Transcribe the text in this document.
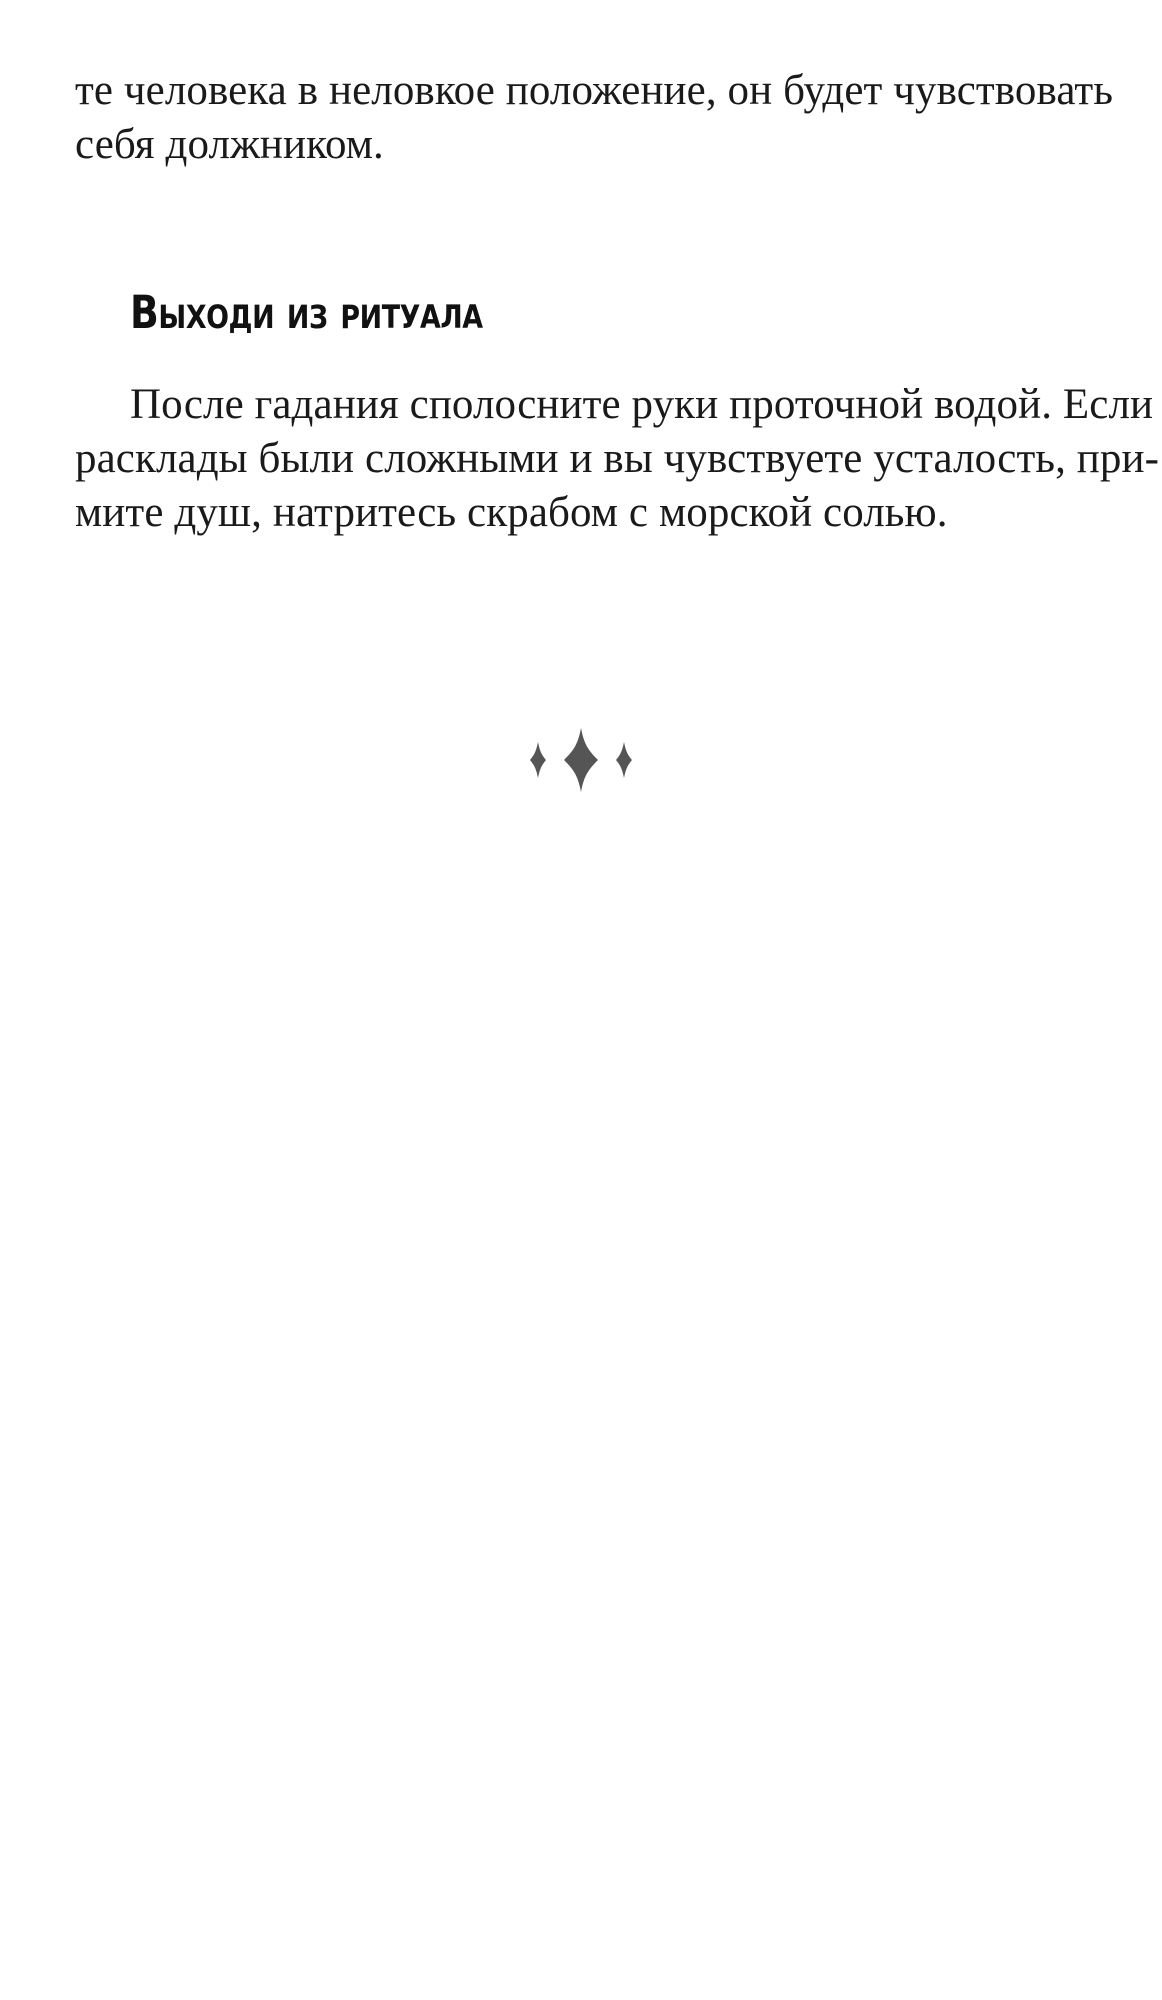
те человека в неловкое положение, он будет чувствовать
себя должником.
Выходи из ритуала
После гадания сполосните руки проточной водой. Если
расклады были сложными и вы чувствуете усталость, при-
мите душ, натритесь скрабом с морской солью.
